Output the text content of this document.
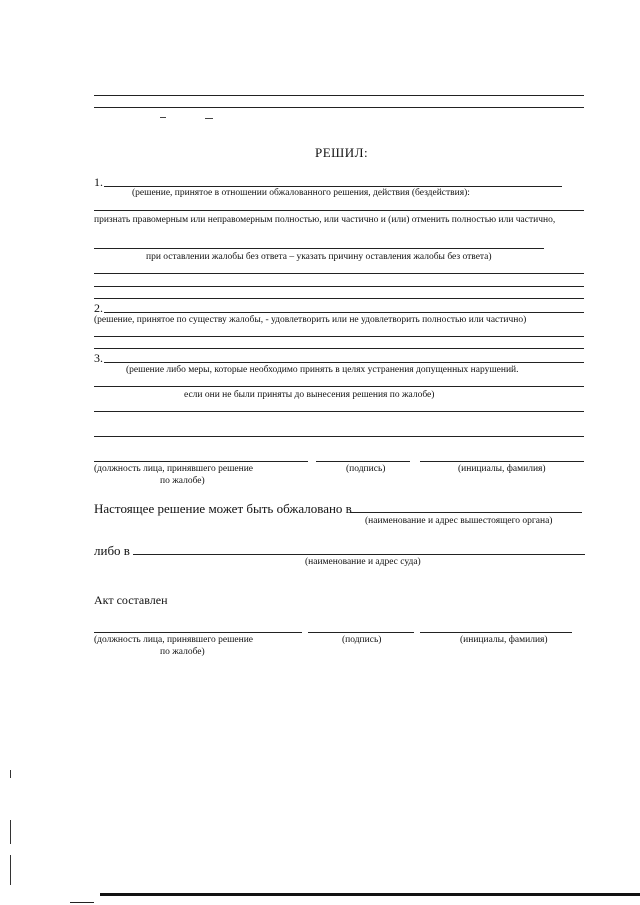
РЕШИЛ:
1.
(решение, принятое в отношении обжалованного решения, действия (бездействия):
признать правомерным или неправомерным полностью, или частично и (или) отменить полностью или частично,
при оставлении жалобы без ответа – указать причину оставления жалобы без ответа)
2.
(решение, принятое по существу жалобы, - удовлетворить или не удовлетворить полностью или частично)
3.
(решение либо меры, которые необходимо принять в целях устранения допущенных нарушений.
если они не были приняты до вынесения решения по жалобе)
(должность лица, принявшего решение	(подпись)	(инициалы, фамилия)
по жалобе)
Настоящее решение может быть обжаловано в
(наименование и адрес вышестоящего органа)
либо в
(наименование и адрес суда)
Акт составлен
(должность лица, принявшего решение	(подпись)	(инициалы, фамилия)
по жалобе)
